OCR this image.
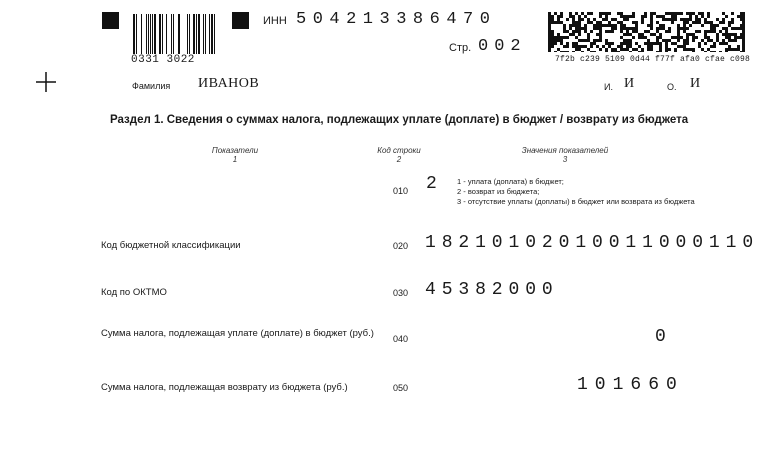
0331 3022
ИНН 504213386470
Стр. 002
7f2b c239 5109 0d44 f77f afa0 cfae c098
Фамилия ИВАНОВ	И. И	О. И
Раздел 1. Сведения о суммах налога, подлежащих уплате (доплате) в бюджет / возврату из бюджета
Показатели
1
Код строки
2
Значения показателей
3
010 2 1 - уплата (доплата) в бюджет;
2 - возврат из бюджета;
3 - отсутствие уплаты (доплаты) в бюджет или возврата из бюджета
Код бюджетной классификации	020 18210102010011000110
Код по ОКТМО	030 45382000
Сумма налога, подлежащая уплате (доплате) в бюджет (руб.)	040	0
Сумма налога, подлежащая возврату из бюджета (руб.)	050	101660
